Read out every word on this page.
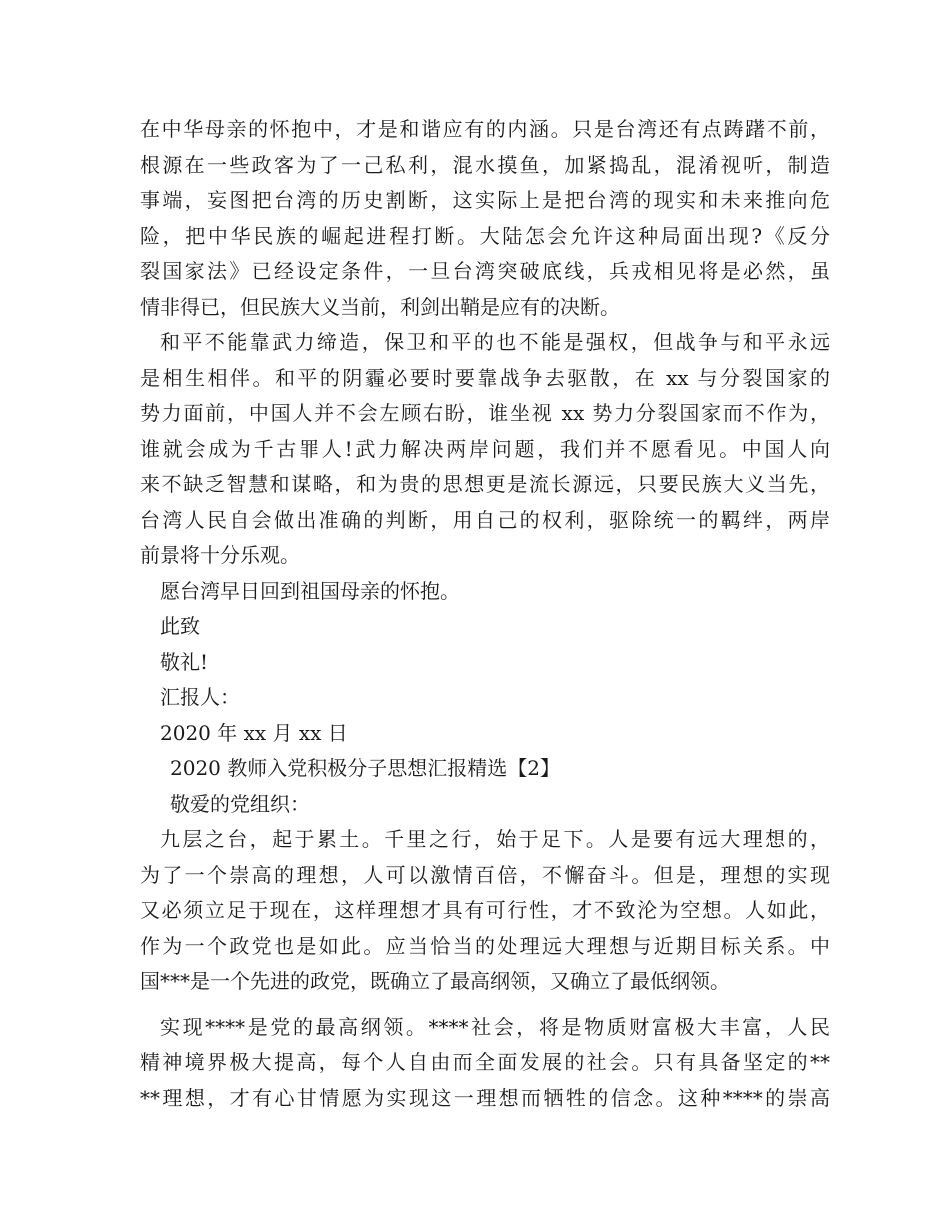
在中华母亲的怀抱中，才是和谐应有的内涵。只是台湾还有点踌躇不前，
根源在一些政客为了一己私利，混水摸鱼，加紧捣乱，混淆视听，制造
事端，妄图把台湾的历史割断，这实际上是把台湾的现实和未来推向危
险，把中华民族的崛起进程打断。大陆怎会允许这种局面出现?《反分
裂国家法》已经设定条件，一旦台湾突破底线，兵戎相见将是必然，虽
情非得已，但民族大义当前，利剑出鞘是应有的决断。
和平不能靠武力缔造，保卫和平的也不能是强权，但战争与和平永远
是相生相伴。和平的阴霾必要时要靠战争去驱散，在 xx 与分裂国家的
势力面前，中国人并不会左顾右盼，谁坐视 xx 势力分裂国家而不作为，
谁就会成为千古罪人!武力解决两岸问题，我们并不愿看见。中国人向
来不缺乏智慧和谋略，和为贵的思想更是流长源远，只要民族大义当先，
台湾人民自会做出准确的判断，用自己的权利，驱除统一的羁绊，两岸
前景将十分乐观。
愿台湾早日回到祖国母亲的怀抱。
此致
敬礼!
汇报人：
2020 年 xx 月 xx 日
2020 教师入党积极分子思想汇报精选【2】
敬爱的党组织：
九层之台，起于累土。千里之行，始于足下。人是要有远大理想的，
为了一个崇高的理想，人可以激情百倍，不懈奋斗。但是，理想的实现
又必须立足于现在，这样理想才具有可行性，才不致沦为空想。人如此，
作为一个政党也是如此。应当恰当的处理远大理想与近期目标关系。中
国***是一个先进的政党，既确立了最高纲领，又确立了最低纲领。
实现****是党的最高纲领。****社会，将是物质财富极大丰富，人民
精神境界极大提高，每个人自由而全面发展的社会。只有具备坚定的**
**理想，才有心甘情愿为实现这一理想而牺牲的信念。这种****的崇高
